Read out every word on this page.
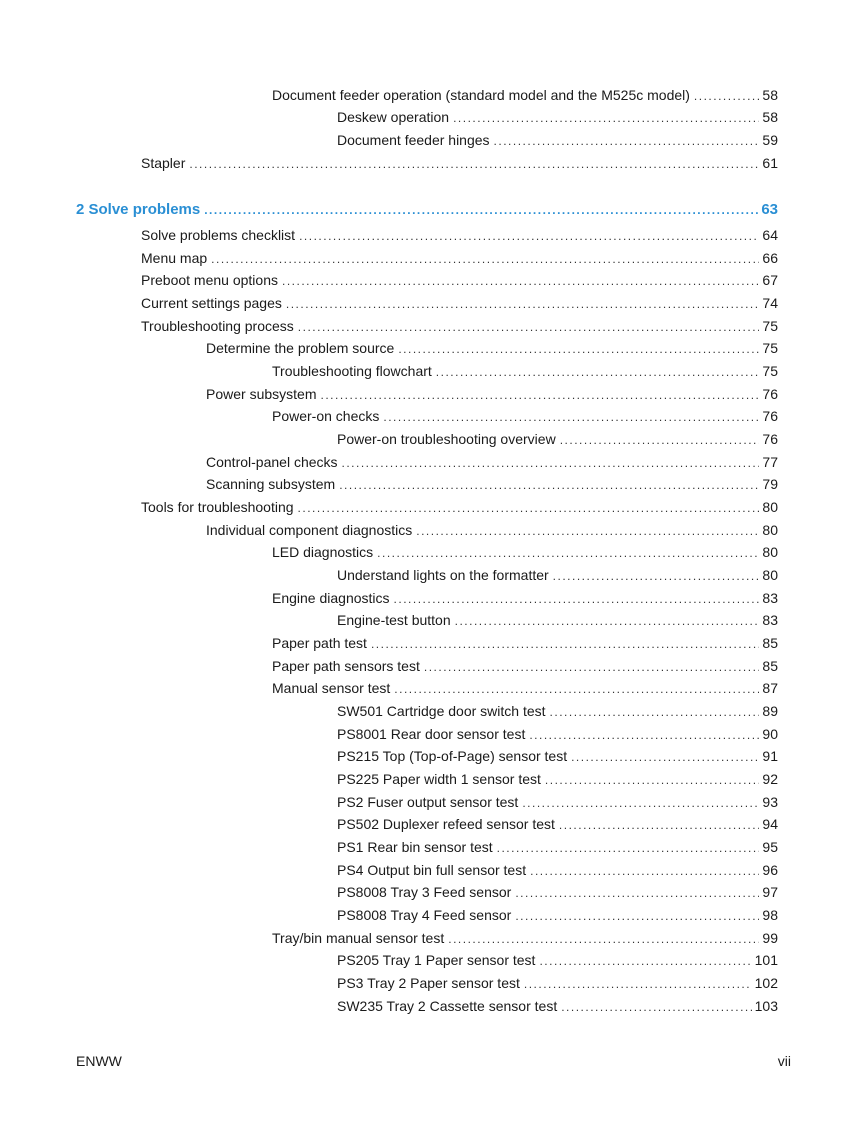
Document feeder operation (standard model and the M525c model) .....	58
Deskew operation .....	58
Document feeder hinges .....	59
Stapler .....	61
2 Solve problems .....	63
Solve problems checklist .....	64
Menu map .....	66
Preboot menu options .....	67
Current settings pages .....	74
Troubleshooting process .....	75
Determine the problem source .....	75
Troubleshooting flowchart .....	75
Power subsystem .....	76
Power-on checks .....	76
Power-on troubleshooting overview .....	76
Control-panel checks .....	77
Scanning subsystem .....	79
Tools for troubleshooting .....	80
Individual component diagnostics .....	80
LED diagnostics .....	80
Understand lights on the formatter .....	80
Engine diagnostics .....	83
Engine-test button .....	83
Paper path test .....	85
Paper path sensors test .....	85
Manual sensor test .....	87
SW501 Cartridge door switch test .....	89
PS8001 Rear door sensor test .....	90
PS215 Top (Top-of-Page) sensor test .....	91
PS225 Paper width 1 sensor test .....	92
PS2 Fuser output sensor test .....	93
PS502 Duplexer refeed sensor test .....	94
PS1 Rear bin sensor test .....	95
PS4 Output bin full sensor test .....	96
PS8008 Tray 3 Feed sensor .....	97
PS8008 Tray 4 Feed sensor .....	98
Tray/bin manual sensor test .....	99
PS205 Tray 1 Paper sensor test .....	101
PS3 Tray 2 Paper sensor test .....	102
SW235 Tray 2 Cassette sensor test .....	103
ENWW	vii
